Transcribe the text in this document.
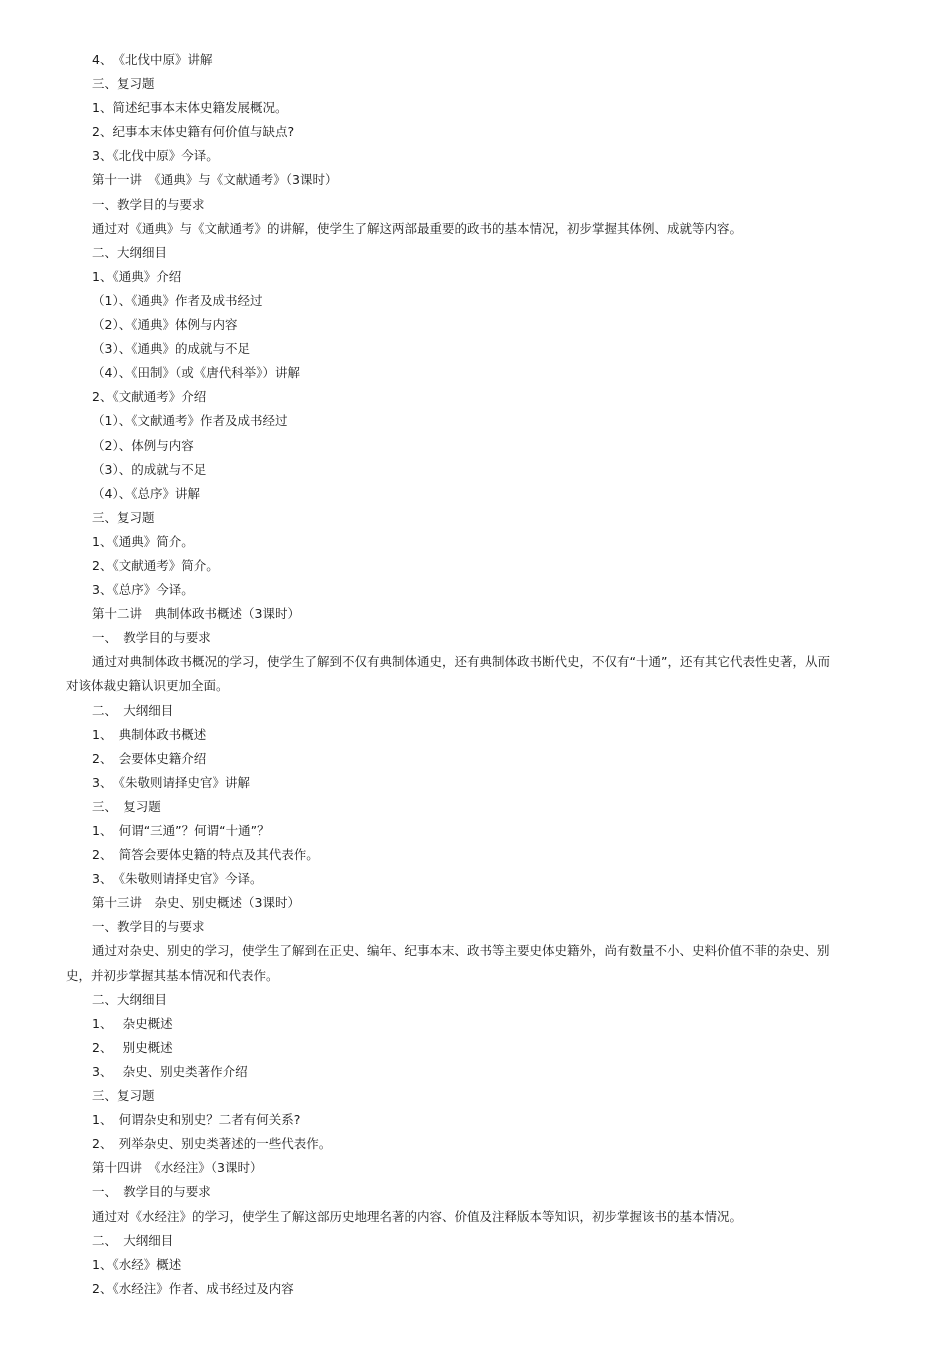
4、　《北伐中原》讲解
三、复习题
1、简述纪事本末体史籍发展概况。
2、纪事本末体史籍有何价值与缺点?
3、《北伐中原》今译。
第十一讲　《通典》与《文献通考》（3课时）
一、教学目的与要求
通过对《通典》与《文献通考》的讲解，使学生了解这两部最重要的政书的基本情况，初步掌握其体例、成就等内容。
二、大纲细目
1、《通典》介绍
（1）、《通典》作者及成书经过
（2）、《通典》体例与内容
（3）、《通典》的成就与不足
（4）、《田制》（或《唐代科举》）讲解
2、《文献通考》介绍
（1）、《文献通考》作者及成书经过
（2）、体例与内容
（3）、的成就与不足
（4）、《总序》讲解
三、复习题
1、《通典》简介。
2、《文献通考》简介。
3、《总序》今译。
第十二讲　典制体政书概述（3课时）
一、　教学目的与要求
通过对典制体政书概况的学习，使学生了解到不仅有典制体通史，还有典制体政书断代史，不仅有“十通”，还有其它代表性史著，从而
对该体裁史籍认识更加全面。
二、　大纲细目
1、　典制体政书概述
2、　会要体史籍介绍
3、　《朱敬则请择史官》讲解
三、　复习题
1、　何谓“三通”？何谓“十通”？
2、　简答会要体史籍的特点及其代表作。
3、　《朱敬则请择史官》今译。
第十三讲　杂史、别史概述（3课时）
一、教学目的与要求
通过对杂史、别史的学习，使学生了解到在正史、编年、纪事本末、政书等主要史体史籍外，尚有数量不小、史料价值不菲的杂史、别
史，并初步掌握其基本情况和代表作。
二、大纲细目
1、　 杂史概述
2、　 别史概述
3、　 杂史、别史类著作介绍
三、复习题
1、　何谓杂史和别史？二者有何关系?
2、　列举杂史、别史类著述的一些代表作。
第十四讲　《水经注》（3课时）
一、　教学目的与要求
通过对《水经注》的学习，使学生了解这部历史地理名著的内容、价值及注释版本等知识，初步掌握该书的基本情况。
二、　大纲细目
1、《水经》概述
2、《水经注》作者、成书经过及内容
